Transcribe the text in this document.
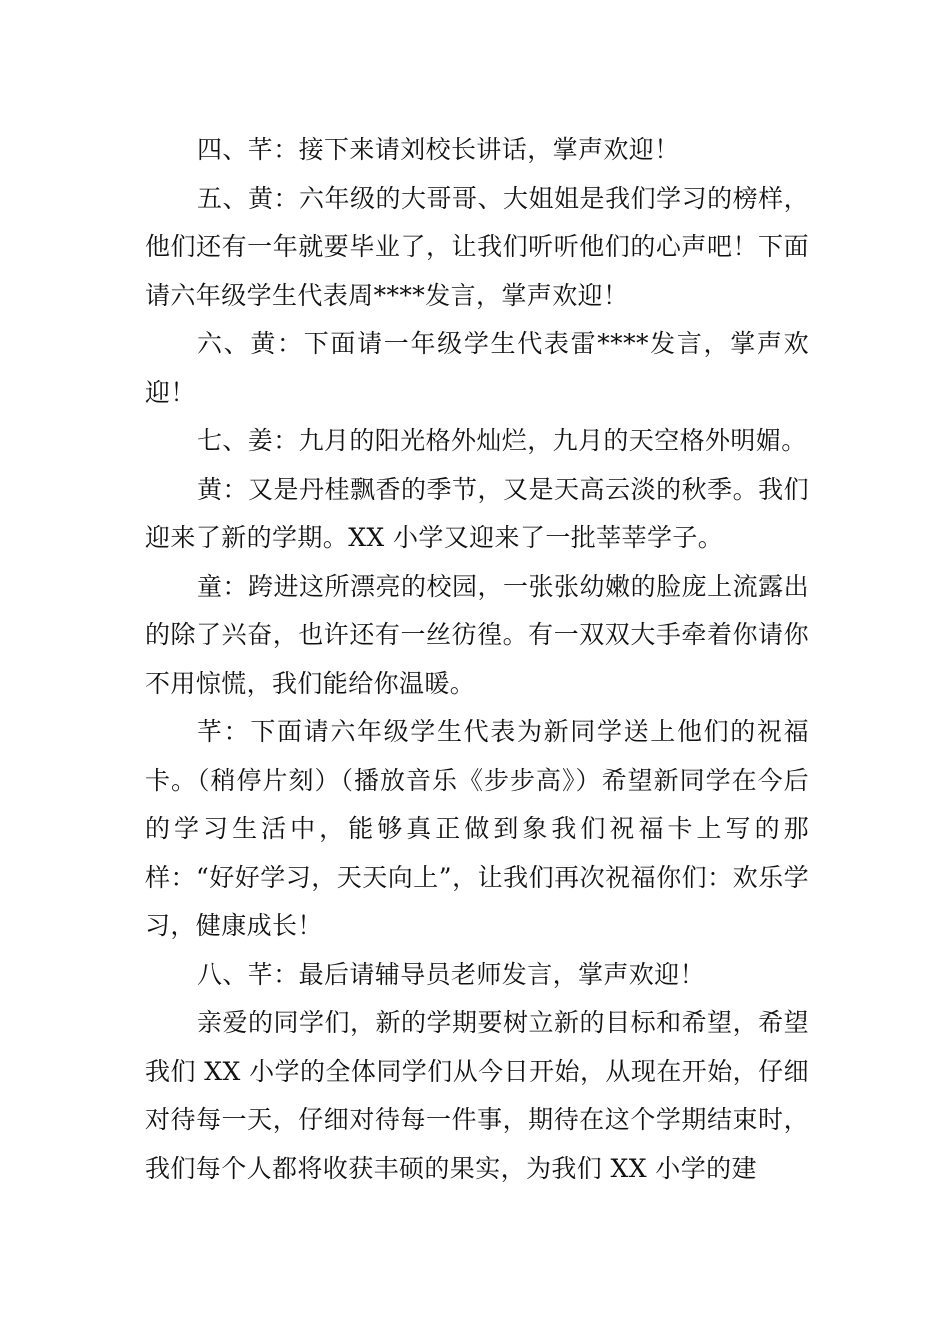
四、芊：接下来请刘校长讲话，掌声欢迎！

五、黄：六年级的大哥哥、大姐姐是我们学习的榜样，他们还有一年就要毕业了，让我们听听他们的心声吧！下面请六年级学生代表周****发言，掌声欢迎！

六、黄：下面请一年级学生代表雷****发言，掌声欢迎！

七、姜：九月的阳光格外灿烂，九月的天空格外明媚。

黄：又是丹桂飘香的季节，又是天高云淡的秋季。我们迎来了新的学期。XX 小学又迎来了一批莘莘学子。

童：跨进这所漂亮的校园，一张张幼嫩的脸庞上流露出的除了兴奋，也许还有一丝彷徨。有一双双大手牵着你请你不用惊慌，我们能给你温暖。

芊：下面请六年级学生代表为新同学送上他们的祝福卡。（稍停片刻）（播放音乐《步步高》）希望新同学在今后的学习生活中，能够真正做到象我们祝福卡上写的那样：“好好学习，天天向上”，让我们再次祝福你们：欢乐学习，健康成长！

八、芊：最后请辅导员老师发言，掌声欢迎！

亲爱的同学们，新的学期要树立新的目标和希望，希望我们 XX 小学的全体同学们从今日开始，从现在开始，仔细对待每一天，仔细对待每一件事，期待在这个学期结束时，我们每个人都将收获丰硕的果实，为我们 XX 小学的建
